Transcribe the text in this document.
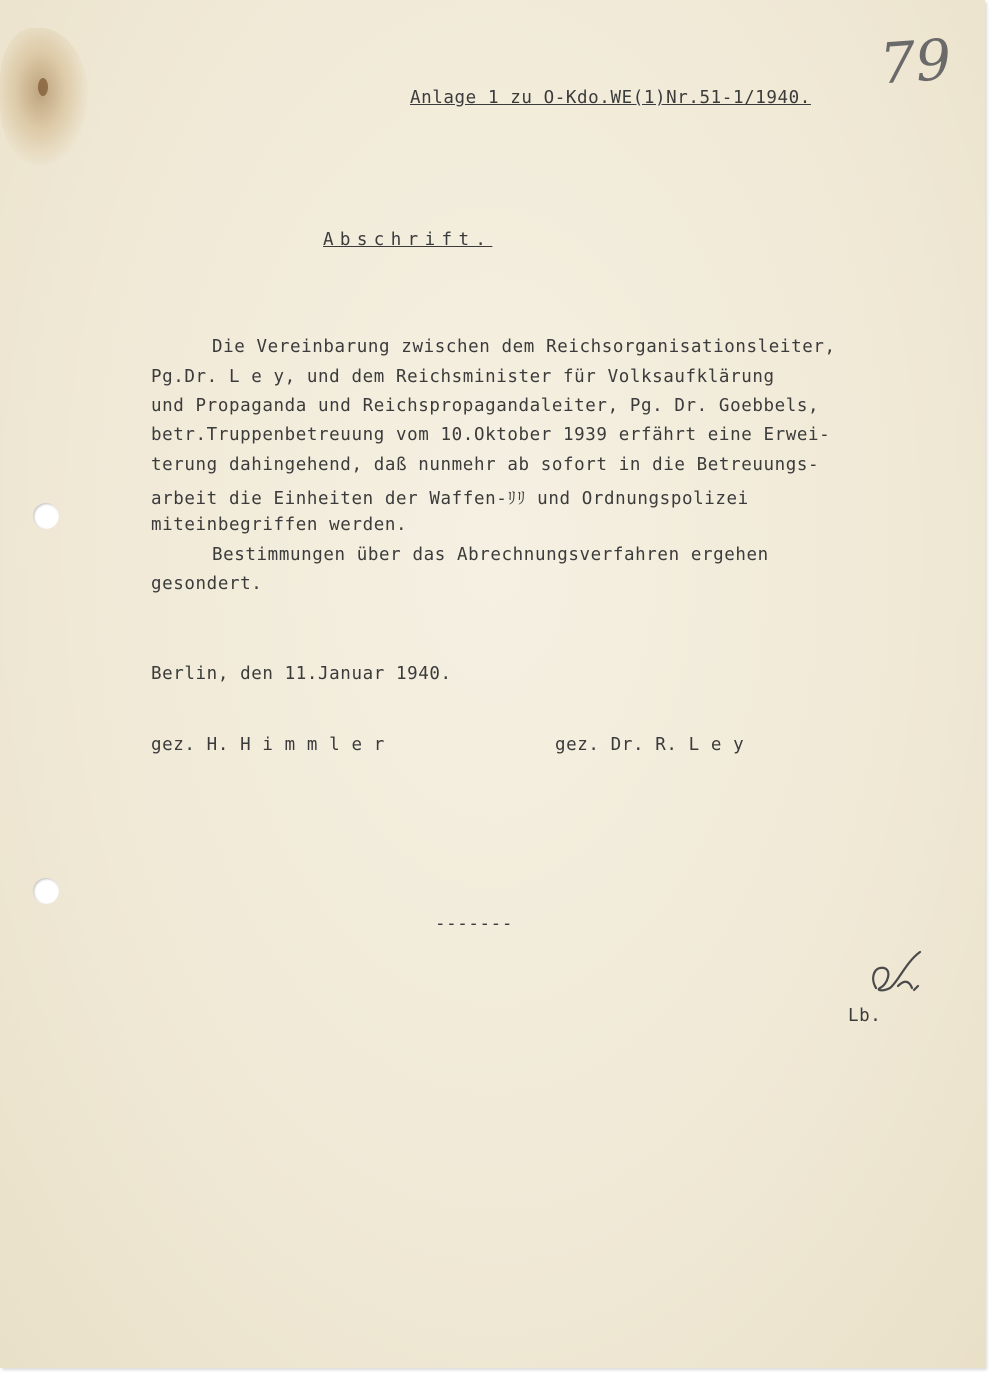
Anlage 1 zu O-Kdo.WE(1)Nr.51-1/1940.
79
Abschrift.
Die Vereinbarung zwischen dem Reichsorganisationsleiter,
Pg.Dr. L e y, und dem Reichsminister für Volksaufklärung
und Propaganda und Reichspropagandaleiter, Pg. Dr. Goebbels,
betr.Truppenbetreuung vom 10.Oktober 1939 erfährt eine Erwei-
terung dahingehend, daß nunmehr ab sofort in die Betreuungs-
arbeit die Einheiten der Waffen-ﾘﾘ und Ordnungspolizei
miteinbegriffen werden.
Bestimmungen über das Abrechnungsverfahren ergehen
gesondert.
Berlin, den 11.Januar 1940.
gez. H. H i m m l e r	gez. Dr. R. L e y
-------
Lb.
